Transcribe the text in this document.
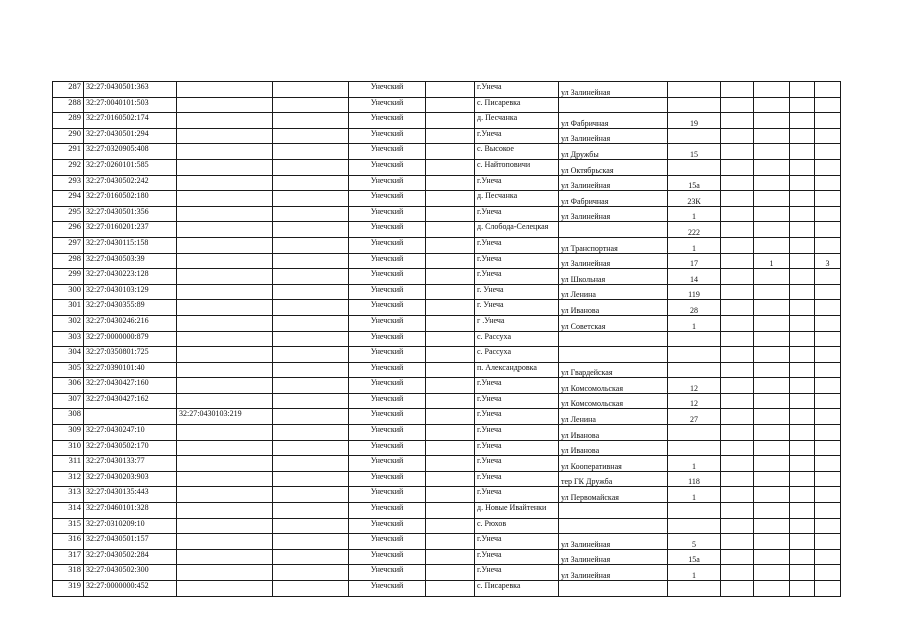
287	32:27:0430501:363			Унечский		г.Унеча	ул Залинейная					
288	32:27:0040101:503			Унечский		с. Писаревка						
289	32:27:0160502:174			Унечский		д. Песчанка	ул Фабричная	19				
290	32:27:0430501:294			Унечский		г.Унеча	ул Залинейная					
291	32:27:0320905:408			Унечский		с. Высокое	ул Дружбы	15				
292	32:27:0260101:585			Унечский		с. Найтоповичи	ул Октябрьская					
293	32:27:0430502:242			Унечский		г.Унеча	ул Залинейная	15а				
294	32:27:0160502:180			Унечский		д. Песчанка	ул Фабричная	23К				
295	32:27:0430501:356			Унечский		г.Унеча	ул Залинейная	1				
296	32:27:0160201:237			Унечский		д. Слобода-Селецкая		222				
297	32:27:0430115:158			Унечский		г.Унеча	ул Транспортная	1				
298	32:27:0430503:39			Унечский		г.Унеча	ул Залинейная	17		1		3
299	32:27:0430223:128			Унечский		г.Унеча	ул Школьная	14				
300	32:27:0430103:129			Унечский		г. Унеча	ул Ленина	119				
301	32:27:0430355:89			Унечский		г. Унеча	ул Иванова	28				
302	32:27:0430246:216			Унечский		г .Унеча	ул Советская	1				
303	32:27:0000000:879			Унечский		с. Рассуха						
304	32:27:0350801:725			Унечский		с. Рассуха						
305	32:27:0390101:40			Унечский		п. Александровка	ул Гвардейская					
306	32:27:0430427:160			Унечский		г.Унеча	ул Комсомольская	12				
307	32:27:0430427:162			Унечский		г.Унеча	ул Комсомольская	12				
308		32:27:0430103:219		Унечский		г.Унеча	ул Ленина	27				
309	32:27:0430247:10			Унечский		г.Унеча	ул Иванова					
310	32:27:0430502:170			Унечский		г.Унеча	ул Иванова					
311	32:27:0430133:77			Унечский		г.Унеча	ул Кооперативная	1				
312	32:27:0430203:903			Унечский		г.Унеча	тер ГК Дружба	118				
313	32:27:0430135:443			Унечский		г.Унеча	ул Первомайская	1				
314	32:27:0460101:328			Унечский		д. Новые Ивайтенки						
315	32:27:0310209:10			Унечский		с. Рюхов						
316	32:27:0430501:157			Унечский		г.Унеча	ул Залинейная	5				
317	32:27:0430502:284			Унечский		г.Унеча	ул Залинейная	15а				
318	32:27:0430502:300			Унечский		г.Унеча	ул Залинейная	1				
319	32:27:0000000:452			Унечский		с. Писаревка						
